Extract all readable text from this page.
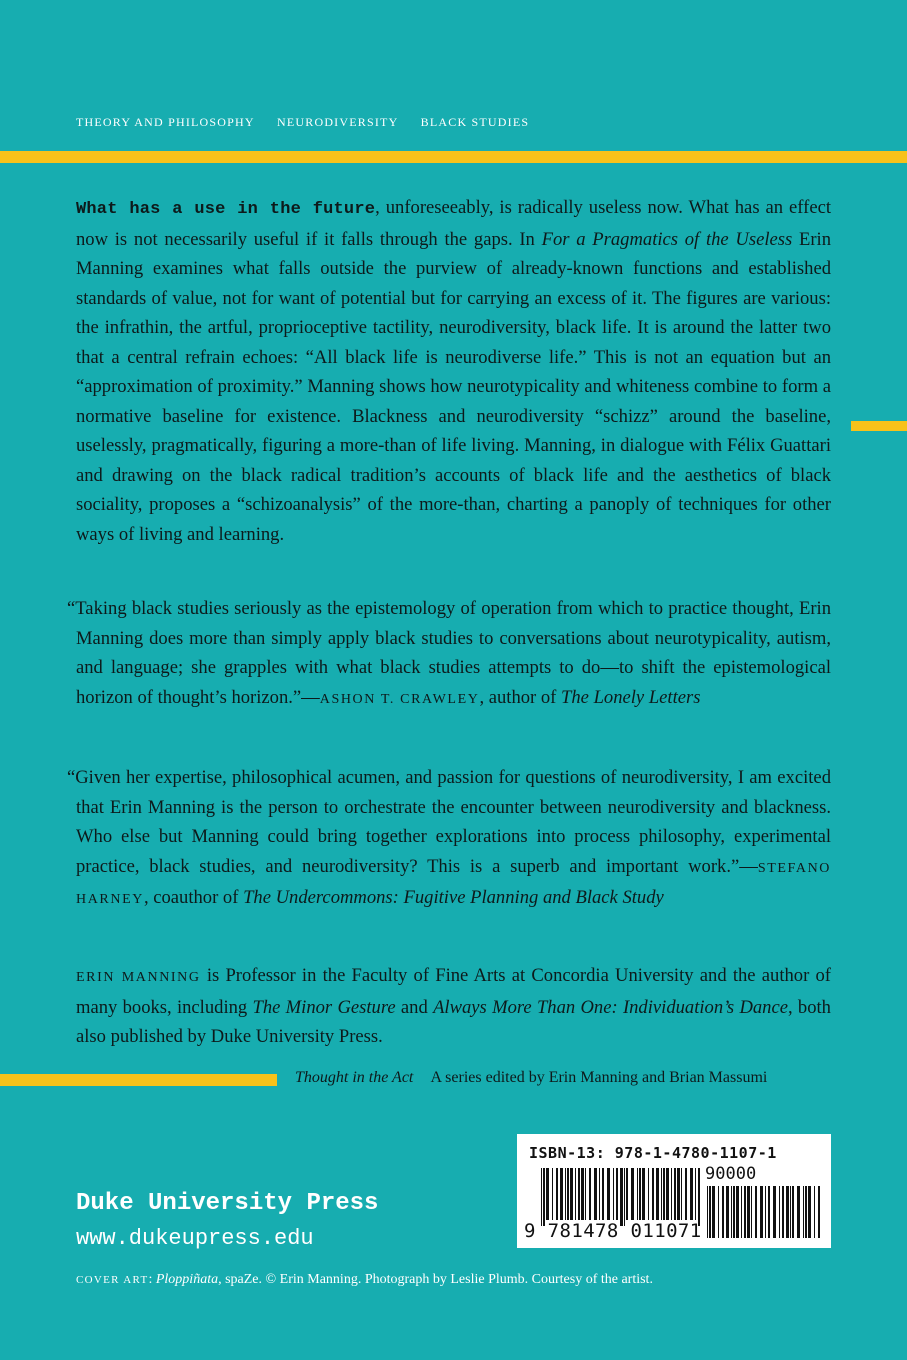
THEORY AND PHILOSOPHY NEURODIVERSITY BLACK STUDIES
What has a use in the future, unforeseeably, is radically useless now. What has an effect now is not necessarily useful if it falls through the gaps. In For a Pragmatics of the Useless Erin Manning examines what falls outside the purview of already-known functions and established standards of value, not for want of potential but for carrying an excess of it. The figures are various: the infrathin, the artful, proprioceptive tactility, neurodiversity, black life. It is around the latter two that a central refrain echoes: “All black life is neurodiverse life.” This is not an equation but an “approximation of proximity.” Manning shows how neurotypicality and whiteness combine to form a normative baseline for existence. Blackness and neurodiversity “schizz” around the baseline, uselessly, pragmatically, figuring a more-than of life living. Manning, in dialogue with Félix Guattari and drawing on the black radical tradition’s accounts of black life and the aesthetics of black sociality, proposes a “schizoanalysis” of the more-than, charting a panoply of techniques for other ways of living and learning.
“Taking black studies seriously as the epistemology of operation from which to practice thought, Erin Manning does more than simply apply black studies to conversations about neurotypicality, autism, and language; she grapples with what black studies attempts to do—to shift the epistemological horizon of thought’s horizon.”—ASHON T. CRAWLEY, author of The Lonely Letters
“Given her expertise, philosophical acumen, and passion for questions of neurodiversity, I am excited that Erin Manning is the person to orchestrate the encounter between neurodiversity and blackness. Who else but Manning could bring together explorations into process philosophy, experimental practice, black studies, and neurodiversity? This is a superb and important work.”—STEFANO HARNEY, coauthor of The Undercommons: Fugitive Planning and Black Study
ERIN MANNING is Professor in the Faculty of Fine Arts at Concordia University and the author of many books, including The Minor Gesture and Always More Than One: Individuation’s Dance, both also published by Duke University Press.
Thought in the Act A series edited by Erin Manning and Brian Massumi
ISBN-13: 978-1-4780-1107-1
90000
9 781478 011071
Duke University Press
www.dukeupress.edu
COVER ART: Ploppiñata, spaZe. © Erin Manning. Photograph by Leslie Plumb. Courtesy of the artist.
